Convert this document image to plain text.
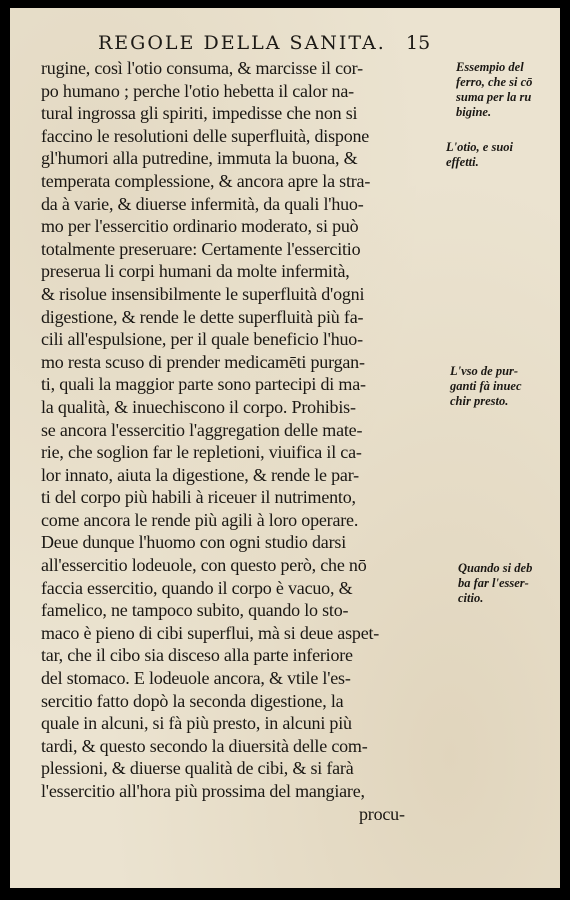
REGOLE DELLA SANITA. 15
rugine, così l'otio consuma, & marcisse il cor-
po humano ; perche l'otio hebetta il calor na-
tural ingrossa gli spiriti, impedisse che non si
faccino le resolutioni delle superfluità, dispone
gl'humori alla putredine, immuta la buona, &
temperata complessione, & ancora apre la stra-
da à varie, & diuerse infermità, da quali l'huo-
mo per l'essercitio ordinario moderato, si può
totalmente preseruare: Certamente l'essercitio
preserua li corpi humani da molte infermità,
& risolue insensibilmente le superfluità d'ogni
digestione, & rende le dette superfluità più fa-
cili all'espulsione, per il quale beneficio l'huo-
mo resta scuso di prender medicamēti purgan-
ti, quali la maggior parte sono partecipi di ma-
la qualità, & inuechiscono il corpo. Prohibis-
se ancora l'essercitio l'aggregation delle mate-
rie, che soglion far le repletioni, viuifica il ca-
lor innato, aiuta la digestione, & rende le par-
ti del corpo più habili à riceuer il nutrimento,
come ancora le rende più agili à loro operare.
Deue dunque l'huomo con ogni studio darsi
all'essercitio lodeuole, con questo però, che nō
faccia essercitio, quando il corpo è vacuo, &
famelico, ne tampoco subito, quando lo sto-
maco è pieno di cibi superflui, mà si deue aspet-
tar, che il cibo sia disceso alla parte inferiore
del stomaco. E lodeuole ancora, & vtile l'es-
sercitio fatto dopò la seconda digestione, la
quale in alcuni, si fà più presto, in alcuni più
tardi, & questo secondo la diuersità delle com-
plessioni, & diuerse qualità de cibi, & si farà
l'essercitio all'hora più prossima del mangiare,
procu-
Essempio del
ferro, che si cō
suma per la ru
bigine.
L'otio, e suoi
effetti.
L'vso de pur-
ganti fà inuec
chir presto.
Quando si deb
ba far l'esser-
citio.
